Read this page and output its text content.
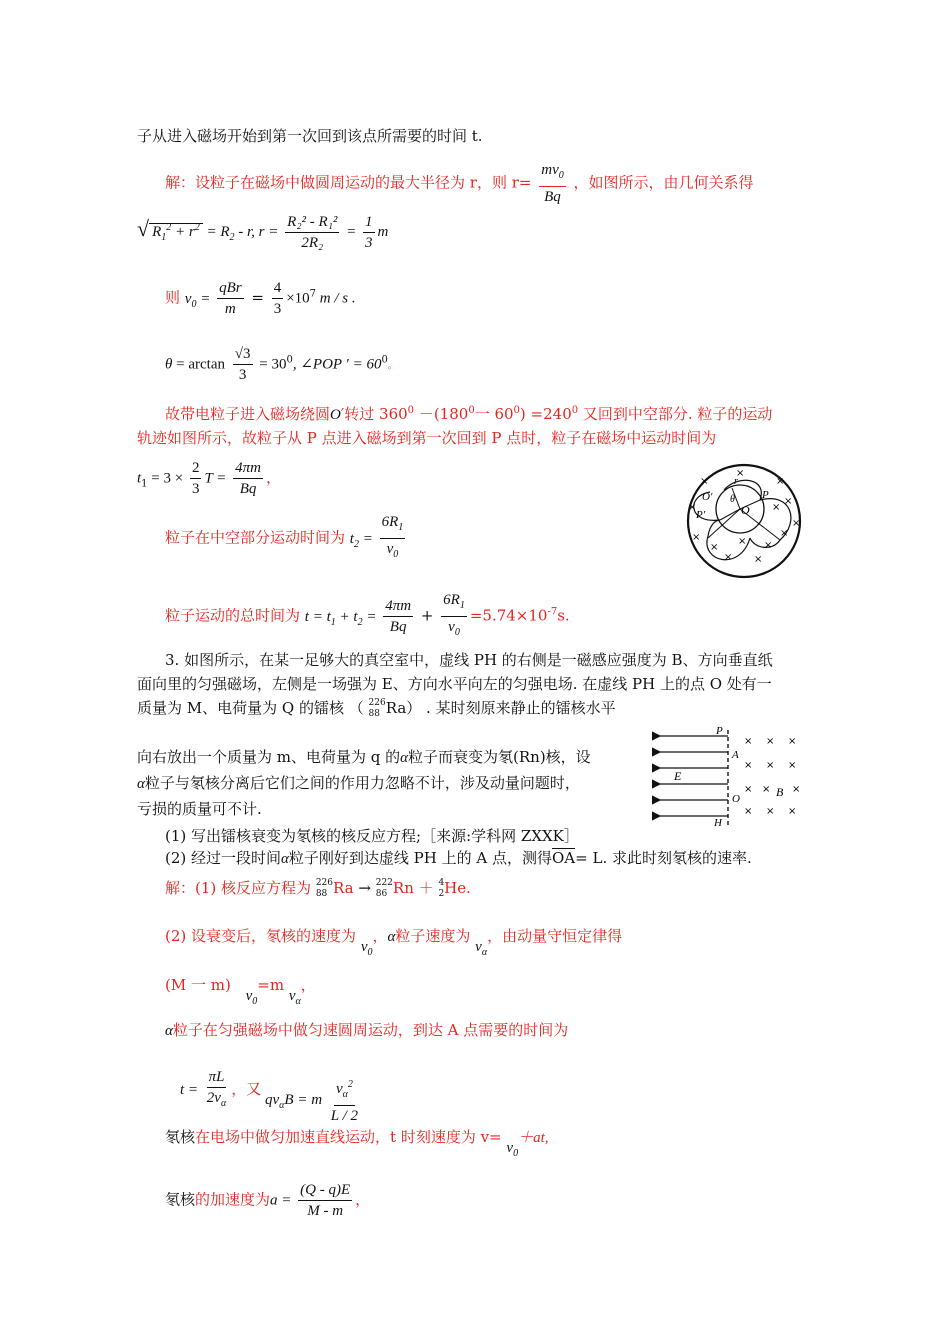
子从进入磁场开始到第一次回到该点所需要的时间 t.
解：设粒子在磁场中做圆周运动的最大半径为 r，则 $r= \frac{mv_0}{Bq}$ ，如图所示，由几何关系得
√ $R_1^2 + r^2 = R_2 - r$, $r = \frac{\text{R₂² - R₁²}}{\text{2R₂}} = \frac{1}{3}$ m
则 $v_0 = \frac{\text{qBr}}{m} = \frac{4}{3} \times 10^7$ m / s .
$\theta = \arctan \frac{√3}{3} = 30^0$, ∠POP ′ = $60^0$。
故带电粒子进入磁场绕圆O′转过 $360^0 -(180^0$一 $60^0) =240^0$ 又回到中空部分. 粒子的运动
轨迹如图所示，故粒子从 P 点进入磁场到第一次回到 P 点时，粒子在磁场中运动时间为
$t_1 = 3 \times \frac{2}{3}$ $T = \frac{4\pi m}{Bq}$ ，
O
P
O′
P′
θ
r
×
×
×
×
×
×
×
×
×
×
×
×
×
×
粒子在中空部分运动时间为 $t_2 = \frac{6R_1}{v_0}$
粒子运动的总时间为 $t = t_1 + t_2 = \frac{4\pi m}{Bq} + \frac{6R_1}{v_0} =5.74\times 10^{-7}s$.
3. 如图所示，在某一足够大的真空室中，虚线 PH 的右侧是一磁感应强度为 B、方向垂直纸
面向里的匀强磁场，左侧是一场强为 E、方向水平向左的匀强电场. 在虚线 PH 上的点 O 处有一
质量为 M、电荷量为 Q 的镭核 （ 226
88 Ra） . 某时刻原来静止的镭核水平
向右放出一个质量为 m、电荷量为 q 的α粒子而衰变为氡(Rn)核，设
α粒子与氡核分离后它们之间的作用力忽略不计，涉及动量问题时，
亏损的质量可不计.
(1) 写出镭核衰变为氡核的核反应方程;［来源:学科网 ZXXK］
(2) 经过一段时间α粒子刚好到达虚线 PH 上的 A 点，测得OA= L. 求此时刻氡核的速率.
P
A
E
O	B
H
× × ×
× × ×
× × ×
× × ×
解：(1) 核反应方程为 226
88 Ra → 222
86 Rn ＋ 4
2 He.
(2) 设衰变后，氡核的速度为 $v_0$，α粒子速度为 $v_\alpha$，由动量守恒定律得
(M 一 m) $v_0=m$ $v_\alpha$，
α粒子在匀强磁场中做匀速圆周运动，到达 A 点需要的时间为
$t = \frac{\pi L}{2v_\alpha}$ ，又 $qv_\alpha B = m \frac{v_\alpha^2}{L / 2}$
氡核在电场中做匀加速直线运动，t 时刻速度为 $v= v_0+at$,
氡核的加速度为$a = \frac{(Q - q)E}{M - m}$ ，
